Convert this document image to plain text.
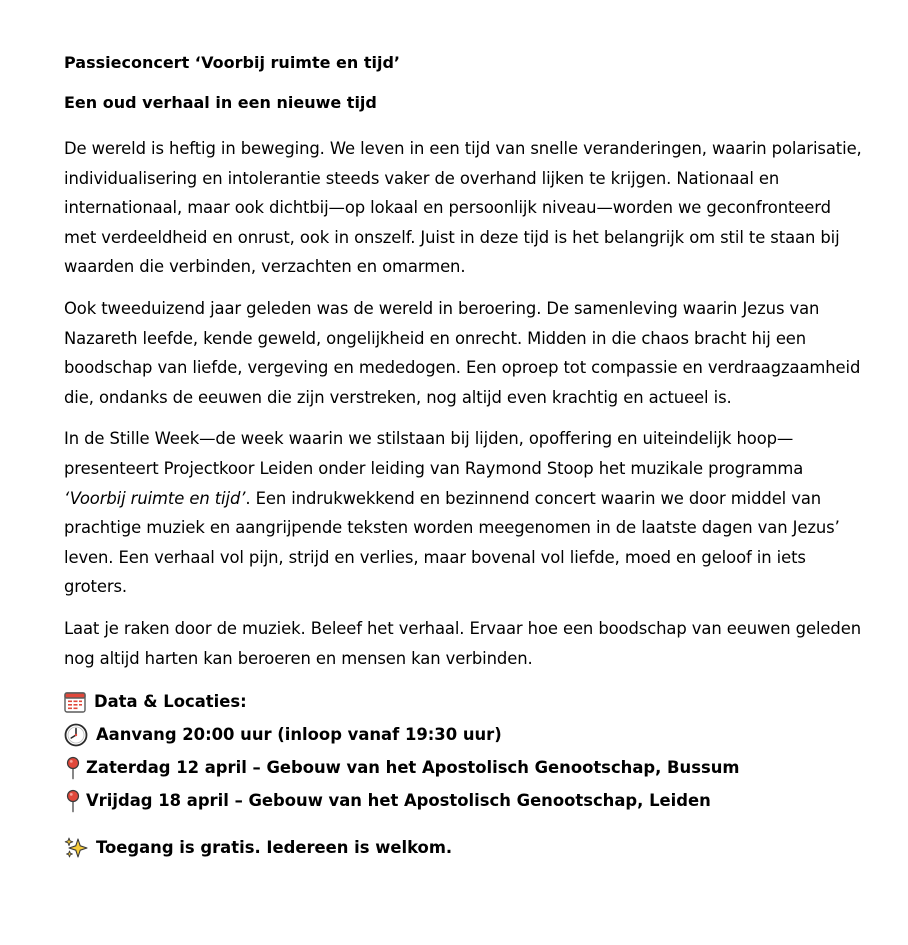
Passieconcert ‘Voorbij ruimte en tijd’

Een oud verhaal in een nieuwe tijd

De wereld is heftig in beweging. We leven in een tijd van snelle veranderingen, waarin polarisatie, individualisering en intolerantie steeds vaker de overhand lijken te krijgen. Nationaal en internationaal, maar ook dichtbij—op lokaal en persoonlijk niveau—worden we geconfronteerd met verdeeldheid en onrust, ook in onszelf. Juist in deze tijd is het belangrijk om stil te staan bij waarden die verbinden, verzachten en omarmen.

Ook tweeduizend jaar geleden was de wereld in beroering. De samenleving waarin Jezus van Nazareth leefde, kende geweld, ongelijkheid en onrecht. Midden in die chaos bracht hij een boodschap van liefde, vergeving en mededogen. Een oproep tot compassie en verdraagzaamheid die, ondanks de eeuwen die zijn verstreken, nog altijd even krachtig en actueel is.

In de Stille Week—de week waarin we stilstaan bij lijden, opoffering en uiteindelijk hoop—presenteert Projectkoor Leiden onder leiding van Raymond Stoop het muzikale programma ‘Voorbij ruimte en tijd’. Een indrukwekkend en bezinnend concert waarin we door middel van prachtige muziek en aangrijpende teksten worden meegenomen in de laatste dagen van Jezus’ leven. Een verhaal vol pijn, strijd en verlies, maar bovenal vol liefde, moed en geloof in iets groters.

Laat je raken door de muziek. Beleef het verhaal. Ervaar hoe een boodschap van eeuwen geleden nog altijd harten kan beroeren en mensen kan verbinden.

Data & Locaties:
Aanvang 20:00 uur (inloop vanaf 19:30 uur)
Zaterdag 12 april – Gebouw van het Apostolisch Genootschap, Bussum
Vrijdag 18 april – Gebouw van het Apostolisch Genootschap, Leiden
Toegang is gratis. Iedereen is welkom.
